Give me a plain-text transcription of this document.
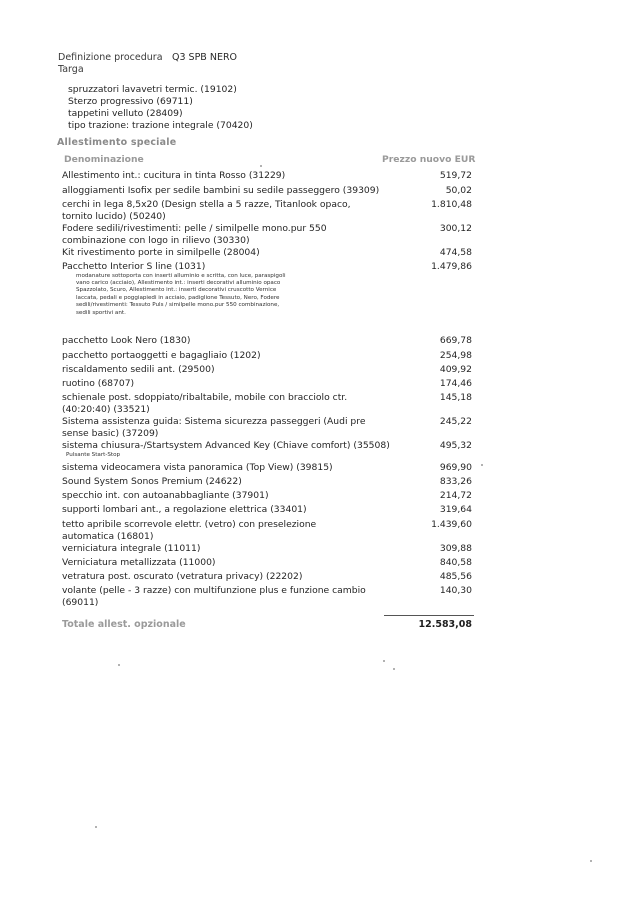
Definizione procedura Q3 SPB NERO
Targa
spruzzatori lavavetri termic. (19102)
Sterzo progressivo (69711)
tappetini velluto (28409)
tipo trazione: trazione integrale (70420)
Allestimento speciale
Denominazione	Prezzo nuovo EUR
Allestimento int.: cucitura in tinta Rosso (31229)	519,72
alloggiamenti Isofix per sedile bambini su sedile passeggero (39309)	50,02
cerchi in lega 8,5x20 (Design stella a 5 razze, Titanlook opaco, tornito lucido) (50240)
1.810,48
Fodere sedili/rivestimenti: pelle / similpelle mono.pur 550 combinazione con logo in rilievo (30330)
300,12
Kit rivestimento porte in similpelle (28004)	474,58
Pacchetto Interior S line (1031)	1.479,86
modanature sottoporta con inserti alluminio e scritta, con luce, paraspigoli vano carico (acciaio), Allestimento int.: inserti decorativi alluminio opaco Spazzolato, Scuro, Allestimento int.: inserti decorativi cruscotto Vernice laccata, pedali e poggiapiedi in acciaio, padiglione Tessuto, Nero, Fodere sedili/rivestimenti: Tessuto Puls / similpelle mono.pur 550 combinazione, sedili sportivi ant.
pacchetto Look Nero (1830)	669,78
pacchetto portaoggetti e bagagliaio (1202)	254,98
riscaldamento sedili ant. (29500)	409,92
ruotino (68707)	174,46
schienale post. sdoppiato/ribaltabile, mobile con bracciolo ctr. (40:20:40) (33521)
145,18
Sistema assistenza guida: Sistema sicurezza passeggeri (Audi pre sense basic) (37209)
245,22
sistema chiusura-/Startsystem Advanced Key (Chiave comfort) (35508)	495,32
Pulsante Start-Stop
sistema videocamera vista panoramica (Top View) (39815)	969,90
Sound System Sonos Premium (24622)	833,26
specchio int. con autoanabbagliante (37901)	214,72
supporti lombari ant., a regolazione elettrica (33401)	319,64
tetto apribile scorrevole elettr. (vetro) con preselezione automatica (16801)
1.439,60
verniciatura integrale (11011)	309,88
Verniciatura metallizzata (11000)	840,58
vetratura post. oscurato (vetratura privacy) (22202)	485,56
volante (pelle - 3 razze) con multifunzione plus e funzione cambio (69011)
140,30
Totale allest. opzionale	12.583,08
